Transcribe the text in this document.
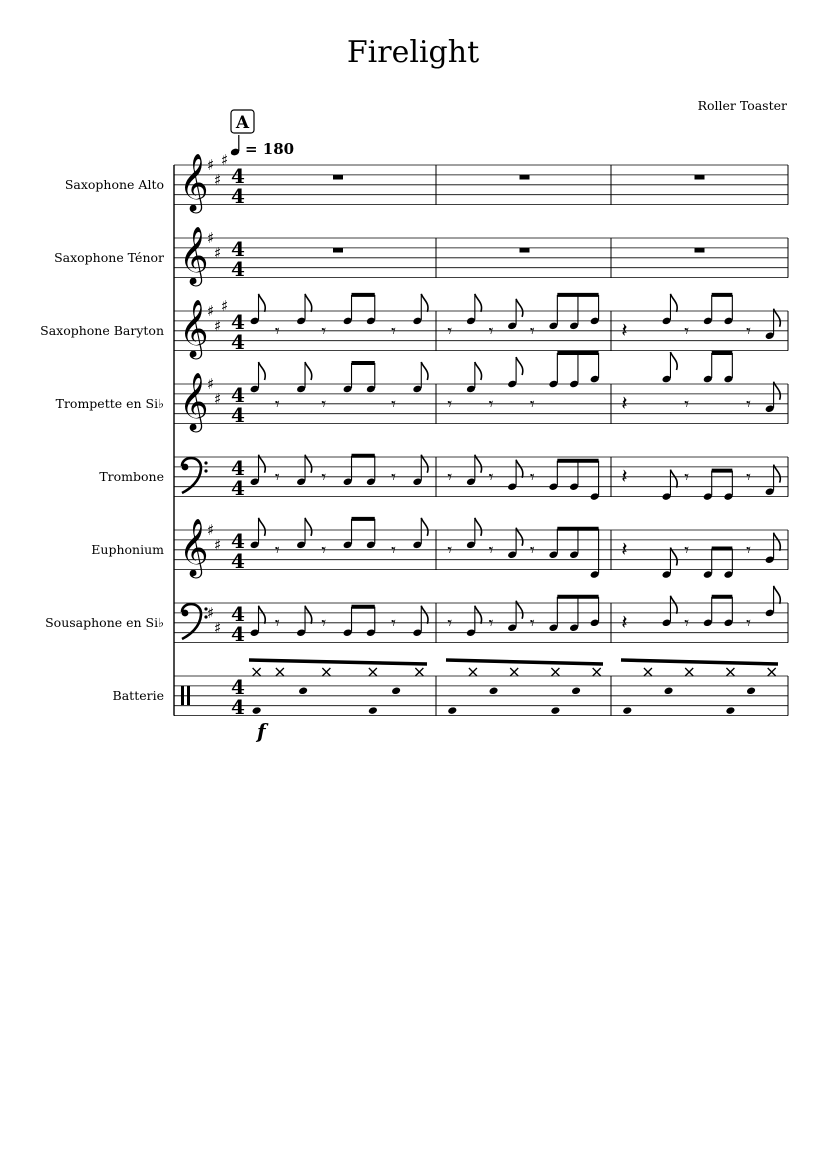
Firelight
Roller Toaster
A
= 180
Saxophone Alto 𝄞
♯
♯
♯
4
4
Saxophone Ténor 𝄞
♯
♯ 4
4
Saxophone Baryton 𝄞
♯
♯
♯
4
4 𝄾 𝄾	𝄾	𝄾 𝄾 𝄾	𝄽	𝄾	𝄾
Trompette en Si♭ 𝄞
♯
♯ 4
4 𝄾 𝄾	𝄾	𝄾 𝄾 𝄾	𝄽	𝄾	𝄾
Trombone	4
4 𝄾 𝄾	𝄾	𝄾 𝄾 𝄾	𝄽	𝄾	𝄾
Euphonium 𝄞
♯
♯ 4
4 𝄾 𝄾	𝄾	𝄾 𝄾 𝄾	𝄽	𝄾	𝄾
Sousaphone en Si♭
♯
♯
4
4 𝄾 𝄾	𝄾	𝄾 𝄾 𝄾	𝄽	𝄾	𝄾
Batterie	4
4
f
